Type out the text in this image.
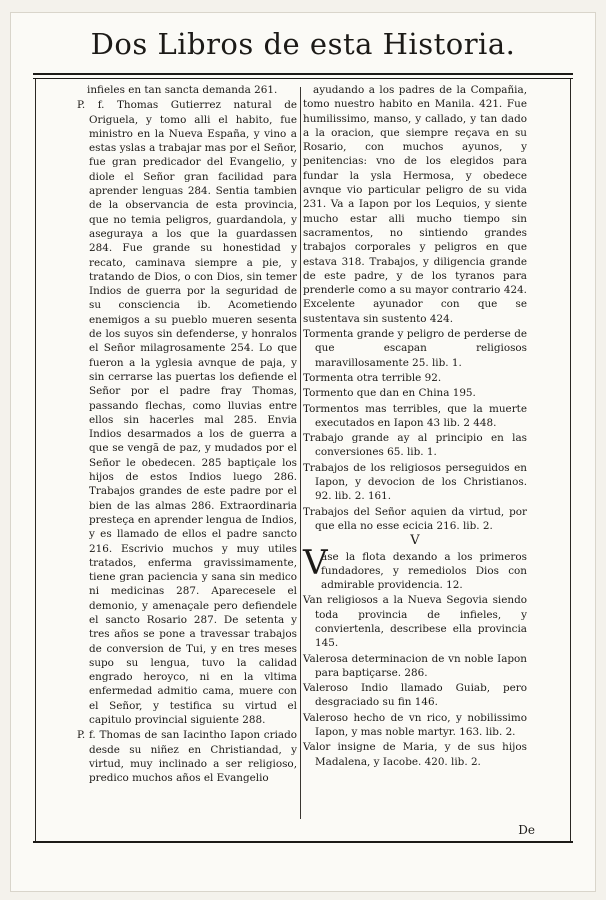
Dos Libros de esta Historia.
infieles en tan sancta demanda 261.
P. f. Thomas Gutierrez natural de Origuela, y tomo alli el habito, fue ministro en la Nueva España, y vino a estas yslas a trabajar mas por el Señor, fue gran predicador del Evangelio, y diole el Señor gran facilidad para aprender lenguas 284. Sentia tambien de la observancia de esta provincia, que no temia peligros, guardandola, y aseguraya a los que la guardassen 284. Fue grande su honestidad y recato, caminava siempre a pie, y tratando de Dios, o con Dios, sin temer Indios de guerra por la seguridad de su consciencia ib. Acometiendo enemigos a su pueblo mueren sesenta de los suyos sin defenderse, y honralos el Señor milagrosamente 254. Lo que fueron a la yglesia avnque de paja, y sin cerrarse las puertas los defiende el Señor por el padre fray Thomas, passando flechas, como lluvias entre ellos sin hacerles mal 285. Envia Indios desarmados a los de guerra a que se vengã de paz, y mudados por el Señor le obedecen. 285 baptiçale los hijos de estos Indios luego 286. Trabajos grandes de este padre por el bien de las almas 286. Extraordinaria presteça en aprender lengua de Indios, y es llamado de ellos el padre sancto 216. Escrivio muchos y muy utiles tratados, enferma gravissimamente, tiene gran paciencia y sana sin medico ni medicinas 287. Aparecesele el demonio, y amenaçale pero defiendele el sancto Rosario 287. De setenta y tres años se pone a travessar trabajos de conversion de Tui, y en tres meses supo su lengua, tuvo la calidad engrado heroyco, ni en la vltima enfermedad admitio cama, muere con el Señor, y testifica su virtud el capitulo provincial siguiente 288.
P. f. Thomas de san Iacintho Iapon criado desde su niñez en Christiandad, y virtud, muy inclinado a ser religioso, predico muchos años el Evangelio
ayudando a los padres de la Compañia, tomo nuestro habito en Manila. 421. Fue humilissimo, manso, y callado, y tan dado a la oracion, que siempre reçava en su Rosario, con muchos ayunos, y penitencias: vno de los elegidos para fundar la ysla Hermosa, y obedece avnque vio particular peligro de su vida 231. Va a Iapon por los Lequios, y siente mucho estar alli mucho tiempo sin sacramentos, no sintiendo grandes trabajos corporales y peligros en que estava 318. Trabajos, y diligencia grande de este padre, y de los tyranos para prenderle como a su mayor contrario 424. Excelente ayunador con que se sustentava sin sustento 424.
Tormenta grande y peligro de perderse de que escapan religiosos maravillosamente 25. lib. 1.
Tormenta otra terrible 92.
Tormento que dan en China 195.
Tormentos mas terribles, que la muerte executados en Iapon 43 lib. 2 448.
Trabajo grande ay al principio en las conversiones 65. lib. 1.
Trabajos de los religiosos perseguidos en Iapon, y devocion de los Christianos. 92. lib. 2. 161.
Trabajos del Señor aquien da virtud, por que ella no esse ecicia 216. lib. 2.
V
V
ase la flota dexando a los primeros fundadores, y remediolos Dios con admirable providencia. 12.
Van religiosos a la Nueva Segovia siendo toda provincia de infieles, y conviertenla, describese ella provincia 145.
Valerosa determinacion de vn noble Iapon para baptiçarse. 286.
Valeroso Indio llamado Guiab, pero desgraciado su fin 146.
Valeroso hecho de vn rico, y nobilissimo Iapon, y mas noble martyr. 163. lib. 2.
Valor insigne de Maria, y de sus hijos Madalena, y Iacobe. 420. lib. 2.
De
